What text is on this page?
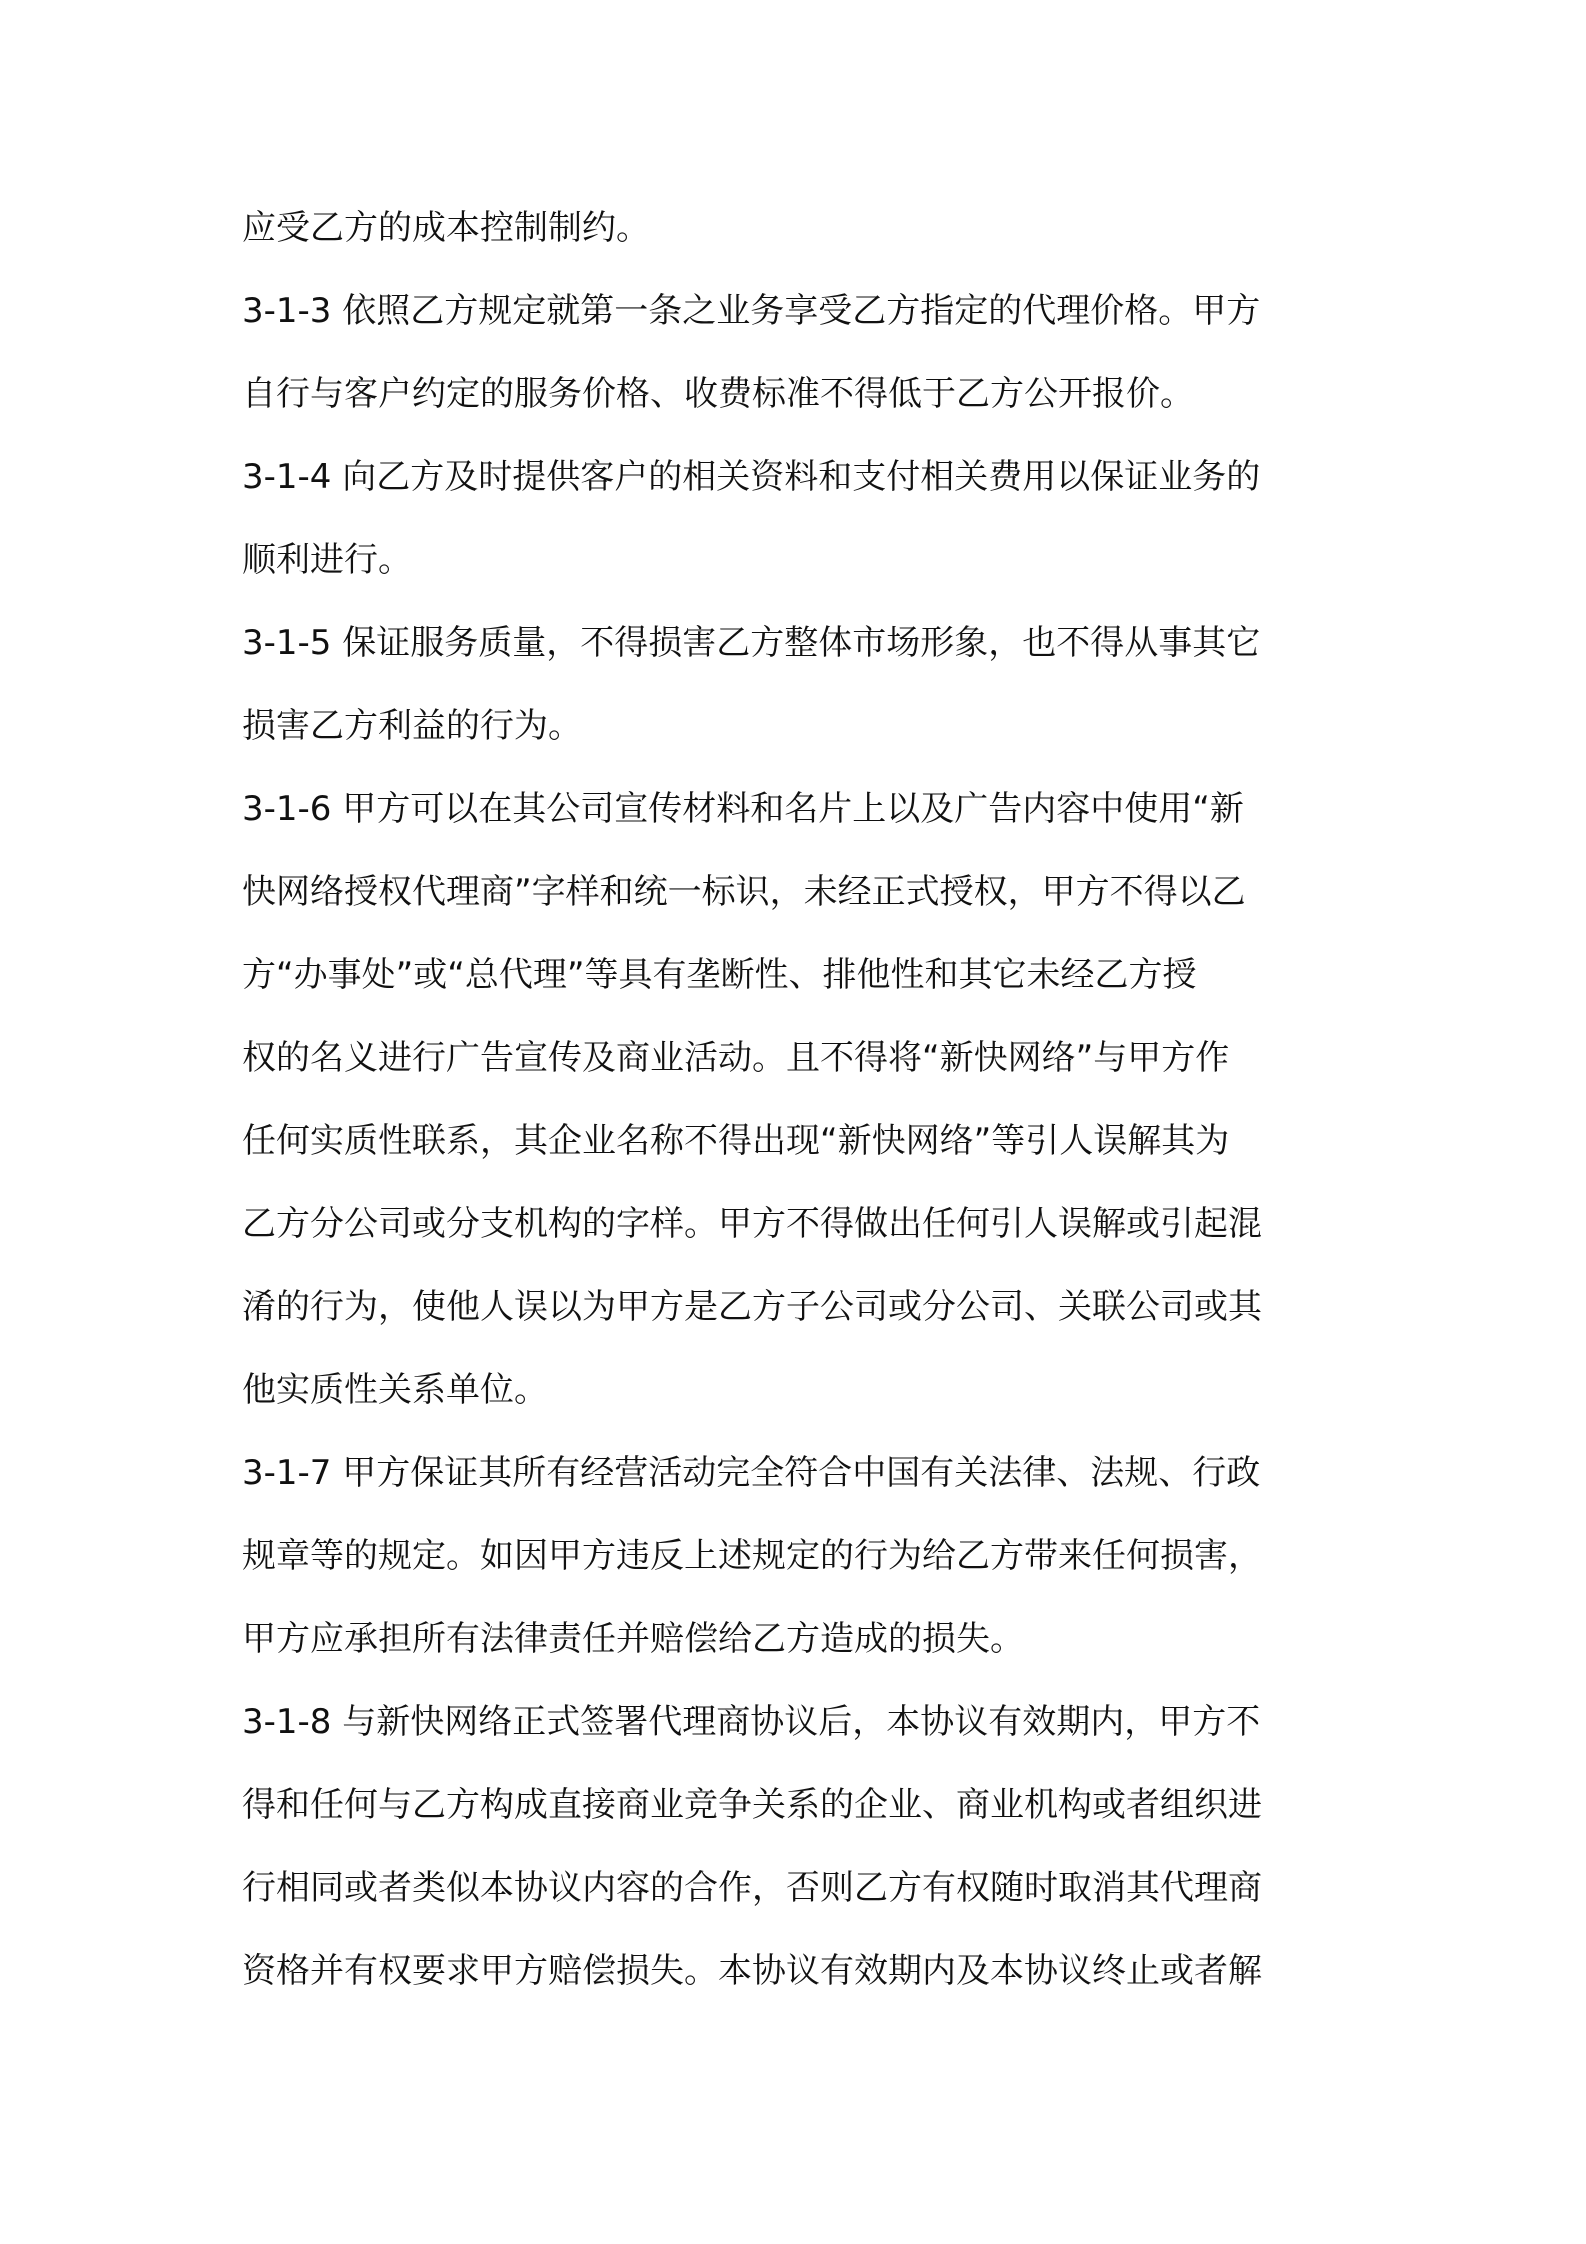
应受乙方的成本控制制约。
3-1-3 依照乙方规定就第一条之业务享受乙方指定的代理价格。甲方
自行与客户约定的服务价格、收费标准不得低于乙方公开报价。
3-1-4 向乙方及时提供客户的相关资料和支付相关费用以保证业务的
顺利进行。
3-1-5 保证服务质量，不得损害乙方整体市场形象，也不得从事其它
损害乙方利益的行为。
3-1-6 甲方可以在其公司宣传材料和名片上以及广告内容中使用“新
快网络授权代理商”字样和统一标识，未经正式授权，甲方不得以乙
方“办事处”或“总代理”等具有垄断性、排他性和其它未经乙方授
权的名义进行广告宣传及商业活动。且不得将“新快网络”与甲方作
任何实质性联系，其企业名称不得出现“新快网络”等引人误解其为
乙方分公司或分支机构的字样。甲方不得做出任何引人误解或引起混
淆的行为，使他人误以为甲方是乙方子公司或分公司、关联公司或其
他实质性关系单位。
3-1-7 甲方保证其所有经营活动完全符合中国有关法律、法规、行政
规章等的规定。如因甲方违反上述规定的行为给乙方带来任何损害，
甲方应承担所有法律责任并赔偿给乙方造成的损失。
3-1-8 与新快网络正式签署代理商协议后，本协议有效期内，甲方不
得和任何与乙方构成直接商业竞争关系的企业、商业机构或者组织进
行相同或者类似本协议内容的合作，否则乙方有权随时取消其代理商
资格并有权要求甲方赔偿损失。本协议有效期内及本协议终止或者解
